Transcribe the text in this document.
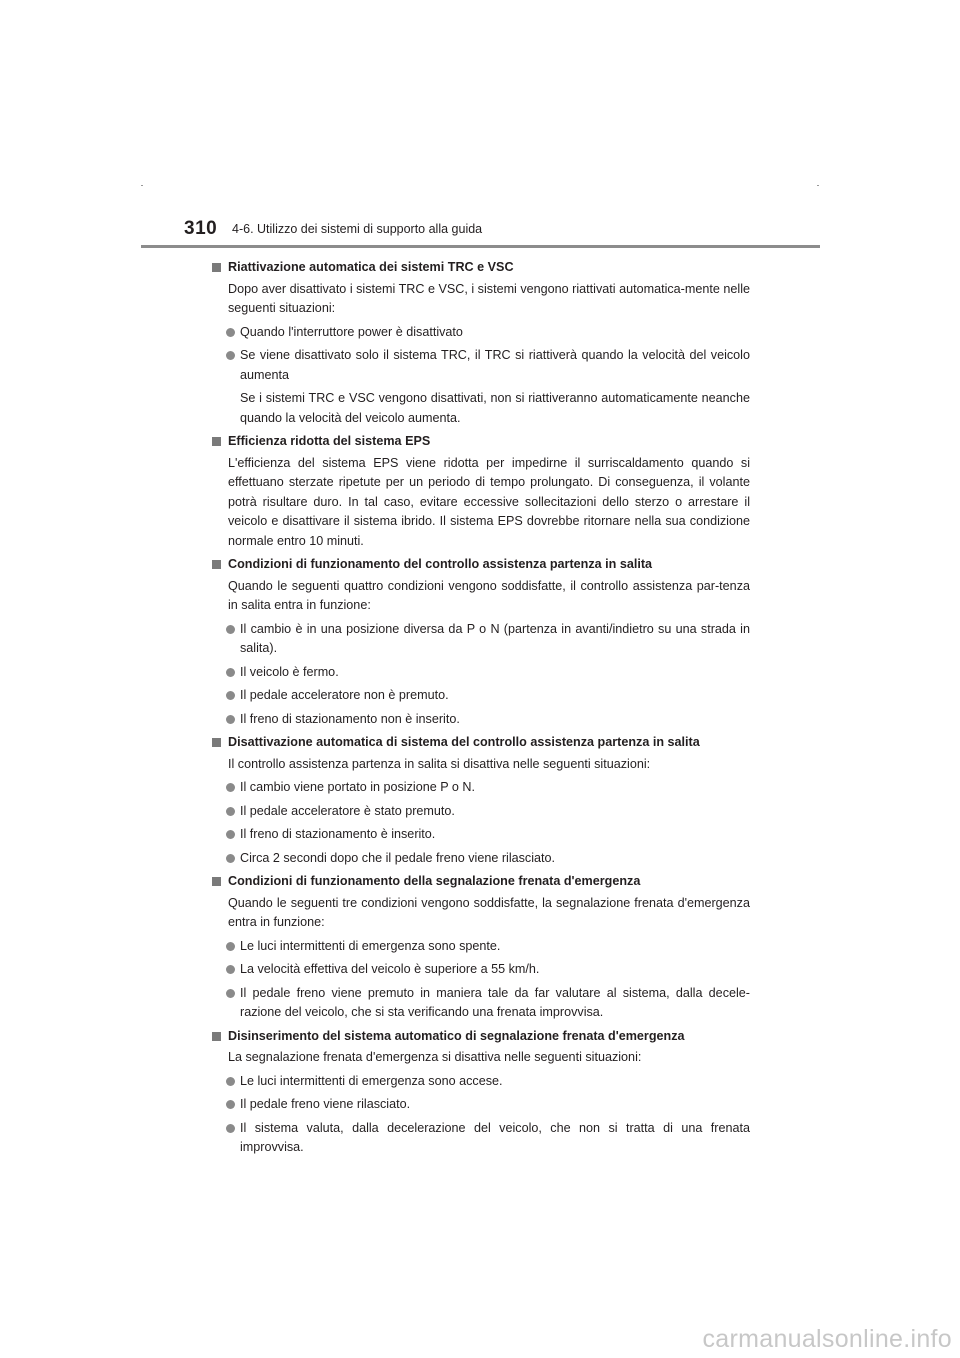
310 4-6. Utilizzo dei sistemi di supporto alla guida
Riattivazione automatica dei sistemi TRC e VSC
Dopo aver disattivato i sistemi TRC e VSC, i sistemi vengono riattivati automatica-mente nelle seguenti situazioni:
Quando l'interruttore power è disattivato
Se viene disattivato solo il sistema TRC, il TRC si riattiverà quando la velocità del veicolo aumenta
Se i sistemi TRC e VSC vengono disattivati, non si riattiveranno automaticamente neanche quando la velocità del veicolo aumenta.
Efficienza ridotta del sistema EPS
L'efficienza del sistema EPS viene ridotta per impedirne il surriscaldamento quando si effettuano sterzate ripetute per un periodo di tempo prolungato. Di conseguenza, il volante potrà risultare duro. In tal caso, evitare eccessive sollecitazioni dello sterzo o arrestare il veicolo e disattivare il sistema ibrido. Il sistema EPS dovrebbe ritornare nella sua condizione normale entro 10 minuti.
Condizioni di funzionamento del controllo assistenza partenza in salita
Quando le seguenti quattro condizioni vengono soddisfatte, il controllo assistenza par-tenza in salita entra in funzione:
Il cambio è in una posizione diversa da P o N (partenza in avanti/indietro su una strada in salita).
Il veicolo è fermo.
Il pedale acceleratore non è premuto.
Il freno di stazionamento non è inserito.
Disattivazione automatica di sistema del controllo assistenza partenza in salita
Il controllo assistenza partenza in salita si disattiva nelle seguenti situazioni:
Il cambio viene portato in posizione P o N.
Il pedale acceleratore è stato premuto.
Il freno di stazionamento è inserito.
Circa 2 secondi dopo che il pedale freno viene rilasciato.
Condizioni di funzionamento della segnalazione frenata d'emergenza
Quando le seguenti tre condizioni vengono soddisfatte, la segnalazione frenata d'emergenza entra in funzione:
Le luci intermittenti di emergenza sono spente.
La velocità effettiva del veicolo è superiore a 55 km/h.
Il pedale freno viene premuto in maniera tale da far valutare al sistema, dalla decele-razione del veicolo, che si sta verificando una frenata improvvisa.
Disinserimento del sistema automatico di segnalazione frenata d'emergenza
La segnalazione frenata d'emergenza si disattiva nelle seguenti situazioni:
Le luci intermittenti di emergenza sono accese.
Il pedale freno viene rilasciato.
Il sistema valuta, dalla decelerazione del veicolo, che non si tratta di una frenata improvvisa.
carmanualsonline.info
